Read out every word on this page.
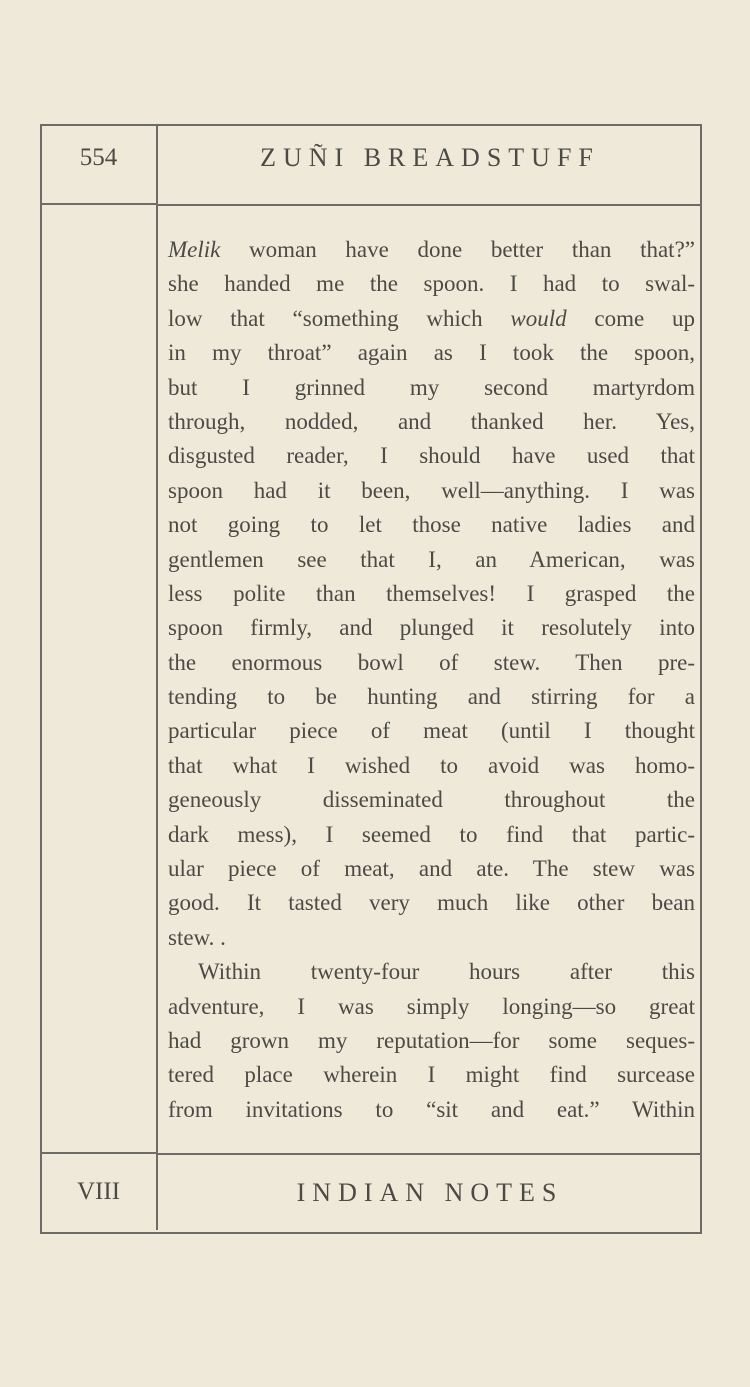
554	ZUÑI BREADSTUFF
Melik woman have done better than that?”
she handed me the spoon. I had to swal-
low that “something which would come up
in my throat” again as I took the spoon,
but I grinned my second martyrdom
through, nodded, and thanked her. Yes,
disgusted reader, I should have used that
spoon had it been, well—anything. I was
not going to let those native ladies and
gentlemen see that I, an American, was
less polite than themselves! I grasped the
spoon firmly, and plunged it resolutely into
the enormous bowl of stew. Then pre-
tending to be hunting and stirring for a
particular piece of meat (until I thought
that what I wished to avoid was homo-
geneously disseminated throughout the
dark mess), I seemed to find that partic-
ular piece of meat, and ate. The stew was
good. It tasted very much like other bean
stew. .
Within twenty-four hours after this
adventure, I was simply longing—so great
had grown my reputation—for some seques-
tered place wherein I might find surcease
from invitations to “sit and eat.” Within
VIII	INDIAN NOTES
